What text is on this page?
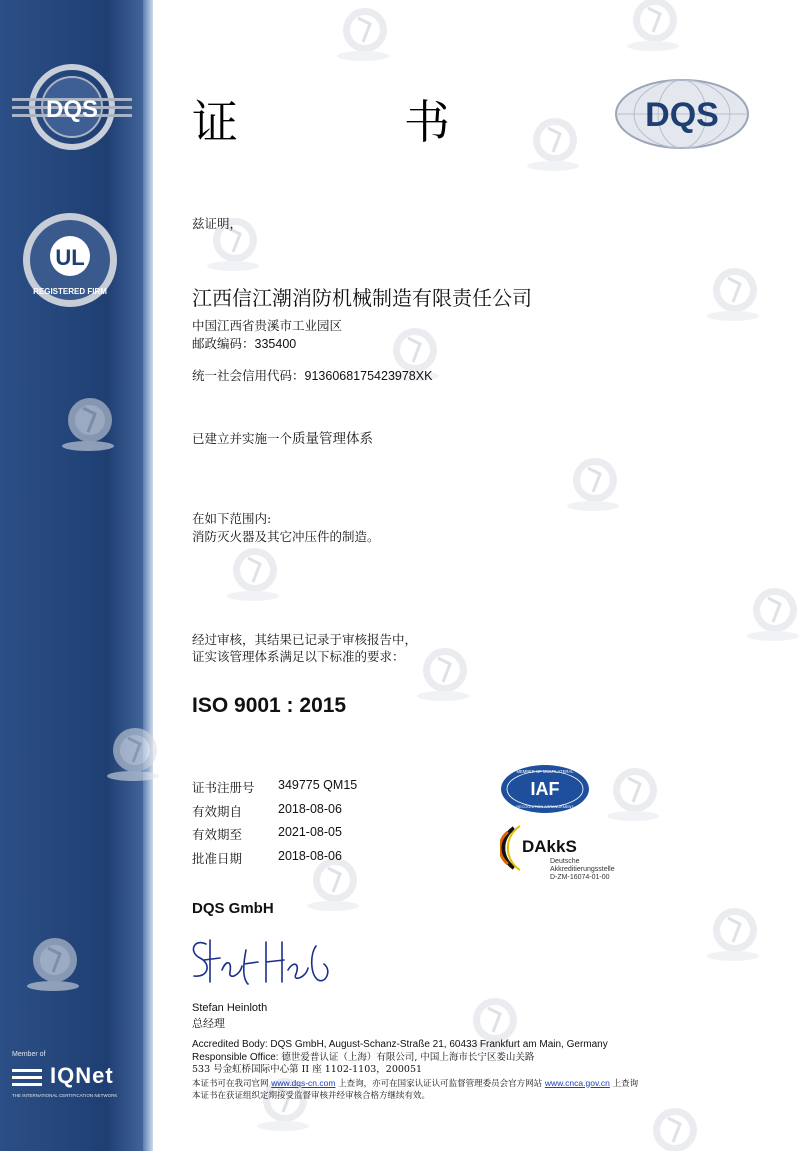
DQS
UL
REGISTERED FIRM
Member of
IQNet
THE INTERNATIONAL CERTIFICATION NETWORK
证　书	DQS
兹证明，
江西信江潮消防机械制造有限责任公司
中国江西省贵溪市工业园区
邮政编码：335400
统一社会信用代码：9136068175423978XK
已建立并实施一个质量管理体系
在如下范围内:
消防灭火器及其它冲压件的制造。
经过审核，其结果已记录于审核报告中，
证实该管理体系满足以下标准的要求：
ISO 9001 : 2015
证书注册号	349775 QM15
有效期自	2018-08-06
有效期至	2021-08-05
批准日期	2018-08-06
MEMBER OF MULTILATERAL
IAF
RECOGNITION ARRANGEMENT
DAkkS
Deutsche
Akkreditierungsstelle
D-ZM-16074-01-00
DQS GmbH
Stefan Heinloth
总经理
Accredited Body: DQS GmbH, August-Schanz-Straße 21, 60433 Frankfurt am Main, Germany
Responsible Office: 德世爱普认证（上海）有限公司, 中国上海市长宁区娄山关路
533 号金虹桥国际中心第 II 座 1102-1103，200051
本证书可在我司官网 www.dqs-cn.com 上查询，亦可在国家认证认可监督管理委员会官方网站 www.cnca.gov.cn 上查询
本证书在获证组织定期接受监督审核并经审核合格方继续有效。
